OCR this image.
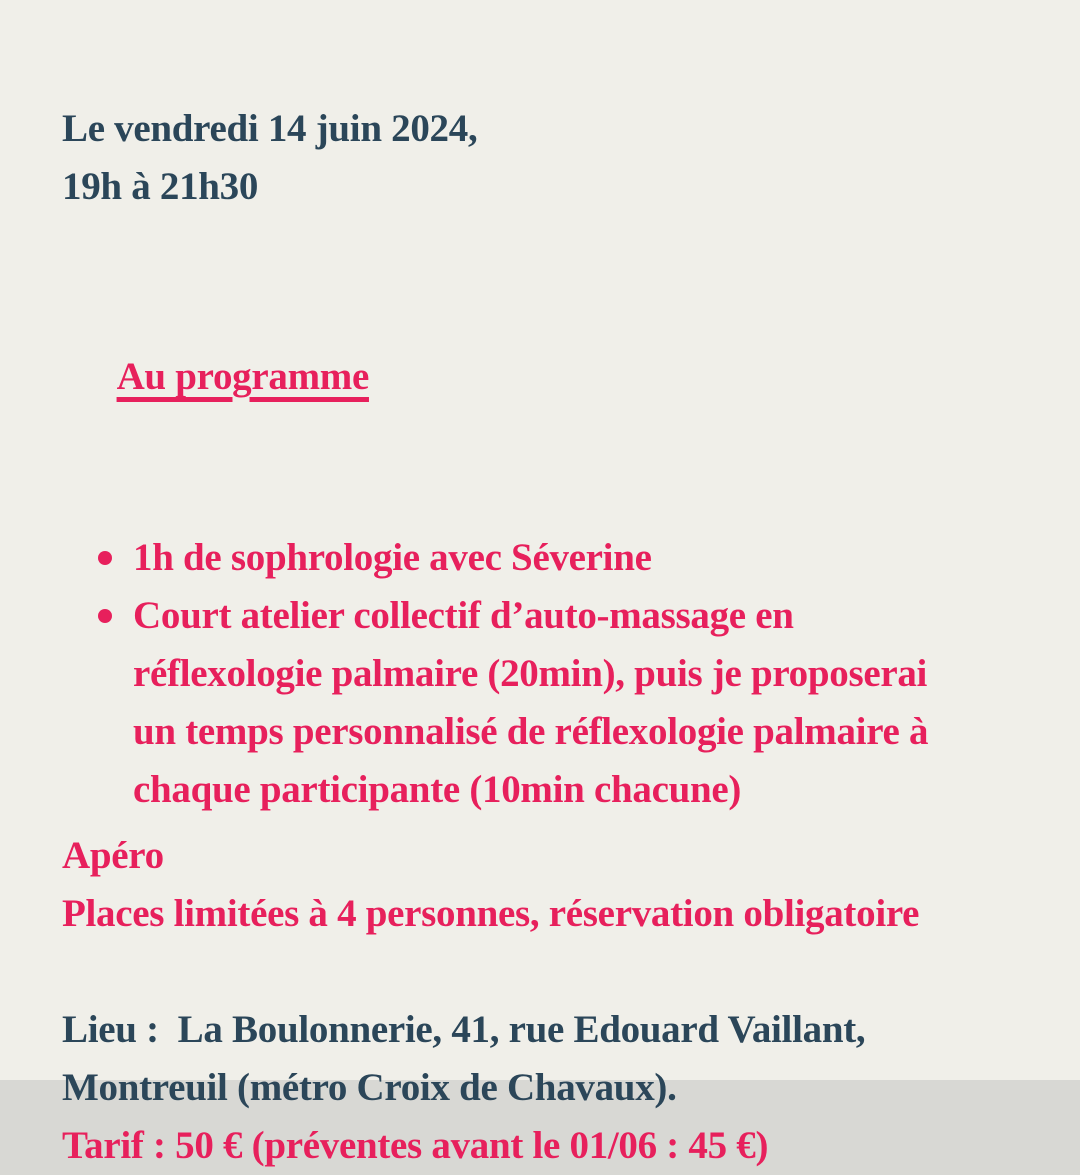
Le vendredi 14 juin 2024,
19h à 21h30

Au programme

1h de sophrologie avec Séverine
Court atelier collectif d’auto-massage en
réflexologie palmaire (20min), puis je proposerai
un temps personnalisé de réflexologie palmaire à
chaque participante (10min chacune)
Apéro
Places limitées à 4 personnes, réservation obligatoire
Lieu :  La Boulonnerie, 41, rue Edouard Vaillant,
Montreuil (métro Croix de Chavaux).
Tarif : 50 € (préventes avant le 01/06 : 45 €)
